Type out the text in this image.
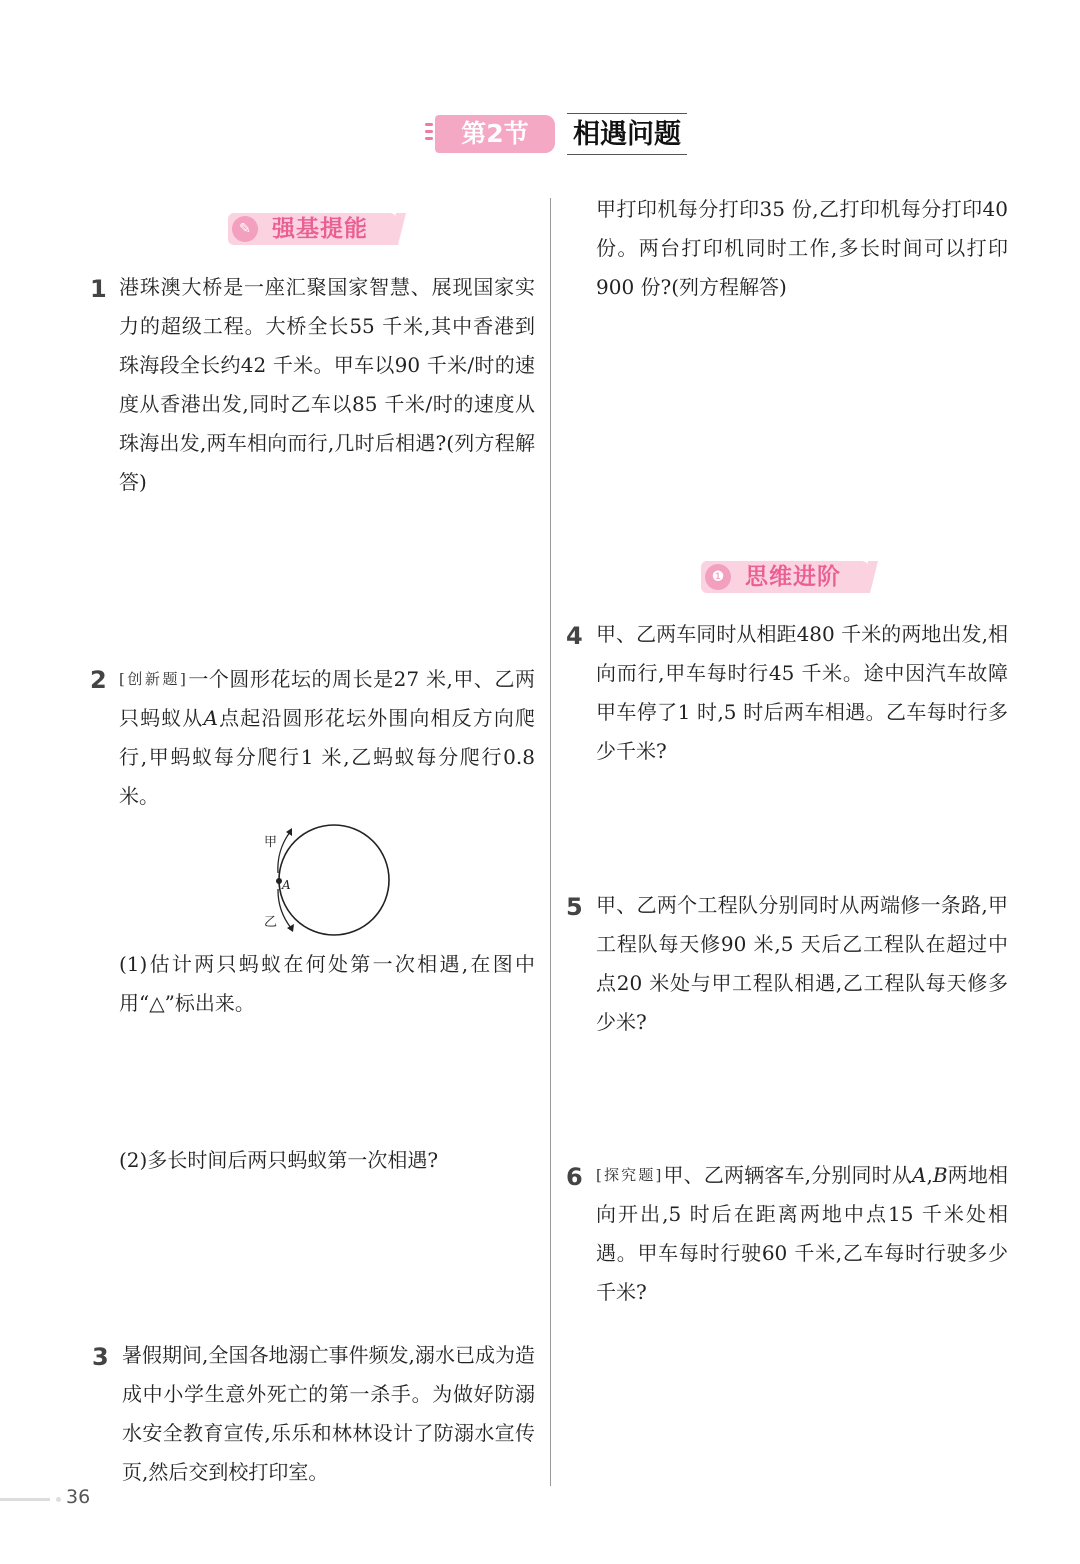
第2节	相遇问题
✎ 强基提能
❶ 思维进阶
1 港珠澳大桥是一座汇聚国家智慧、展现国家实力的超级工程。大桥全长55 千米,其中香港到珠海段全长约42 千米。甲车以90 千米/时的速度从香港出发,同时乙车以85 千米/时的速度从珠海出发,两车相向而行,几时后相遇?(列方程解答)

2 [创新题]一个圆形花坛的周长是27 米,甲、乙两只蚂蚁从A点起沿圆形花坛外围向相反方向爬行,甲蚂蚁每分爬行1 米,乙蚂蚁每分爬行0.8 米。

甲
A
乙

(1)估计两只蚂蚁在何处第一次相遇,在图中用“△”标出来。

(2)多长时间后两只蚂蚁第一次相遇?

3 暑假期间,全国各地溺亡事件频发,溺水已成为造成中小学生意外死亡的第一杀手。为做好防溺水安全教育宣传,乐乐和林林设计了防溺水宣传页,然后交到校打印室。

甲打印机每分打印35 份,乙打印机每分打印40 份。两台打印机同时工作,多长时间可以打印900 份?(列方程解答)

4 甲、乙两车同时从相距480 千米的两地出发,相向而行,甲车每时行45 千米。途中因汽车故障甲车停了1 时,5 时后两车相遇。乙车每时行多少千米?

5 甲、乙两个工程队分别同时从两端修一条路,甲工程队每天修90 米,5 天后乙工程队在超过中点20 米处与甲工程队相遇,乙工程队每天修多少米?

6 [探究题]甲、乙两辆客车,分别同时从A,B两地相向开出,5 时后在距离两地中点15 千米处相遇。甲车每时行驶60 千米,乙车每时行驶多少千米?

36
